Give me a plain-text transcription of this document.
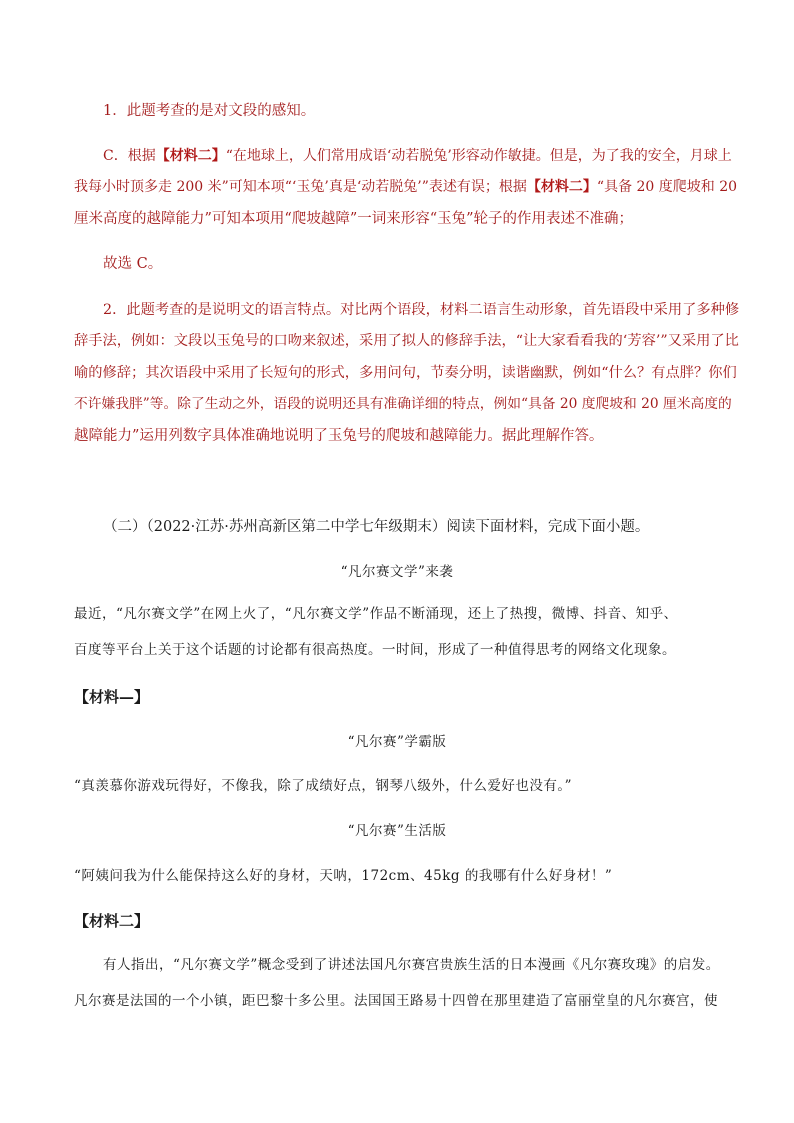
1．此题考查的是对文段的感知。
C．根据【材料二】“在地球上，人们常用成语‘动若脱兔’形容动作敏捷。但是，为了我的安全，月球上
我每小时顶多走 200 米”可知本项“‘玉兔’真是‘动若脱兔’”表述有误；根据【材料二】“具备 20 度爬坡和 20
厘米高度的越障能力”可知本项用“爬坡越障”一词来形容“玉兔”轮子的作用表述不准确；
故选 C。
2．此题考查的是说明文的语言特点。对比两个语段，材料二语言生动形象，首先语段中采用了多种修
辞手法，例如：文段以玉兔号的口吻来叙述，采用了拟人的修辞手法，“让大家看看我的‘芳容’”又采用了比
喻的修辞；其次语段中采用了长短句的形式，多用问句，节奏分明，读谐幽默，例如“什么？有点胖？你们
不许嫌我胖”等。除了生动之外，语段的说明还具有准确详细的特点，例如“具备 20 度爬坡和 20 厘米高度的
越障能力”运用列数字具体准确地说明了玉兔号的爬坡和越障能力。据此理解作答。
（二）（2022·江苏·苏州高新区第二中学七年级期末）阅读下面材料，完成下面小题。
“凡尔赛文学”来袭
最近，“凡尔赛文学”在网上火了，“凡尔赛文学”作品不断涌现，还上了热搜，微博、抖音、知乎、
百度等平台上关于这个话题的讨论都有很高热度。一时间，形成了一种值得思考的网络文化现象。
【材料—】
“凡尔赛”学霸版
“真羡慕你游戏玩得好，不像我，除了成绩好点，钢琴八级外，什么爱好也没有。”
“凡尔赛”生活版
“阿姨问我为什么能保持这么好的身材，天呐，172cm、45kg 的我哪有什么好身材！”
【材料二】
有人指出，“凡尔赛文学”概念受到了讲述法国凡尔赛宫贵族生活的日本漫画《凡尔赛玫瑰》的启发。
凡尔赛是法国的一个小镇，距巴黎十多公里。法国国王路易十四曾在那里建造了富丽堂皇的凡尔赛宫，使
